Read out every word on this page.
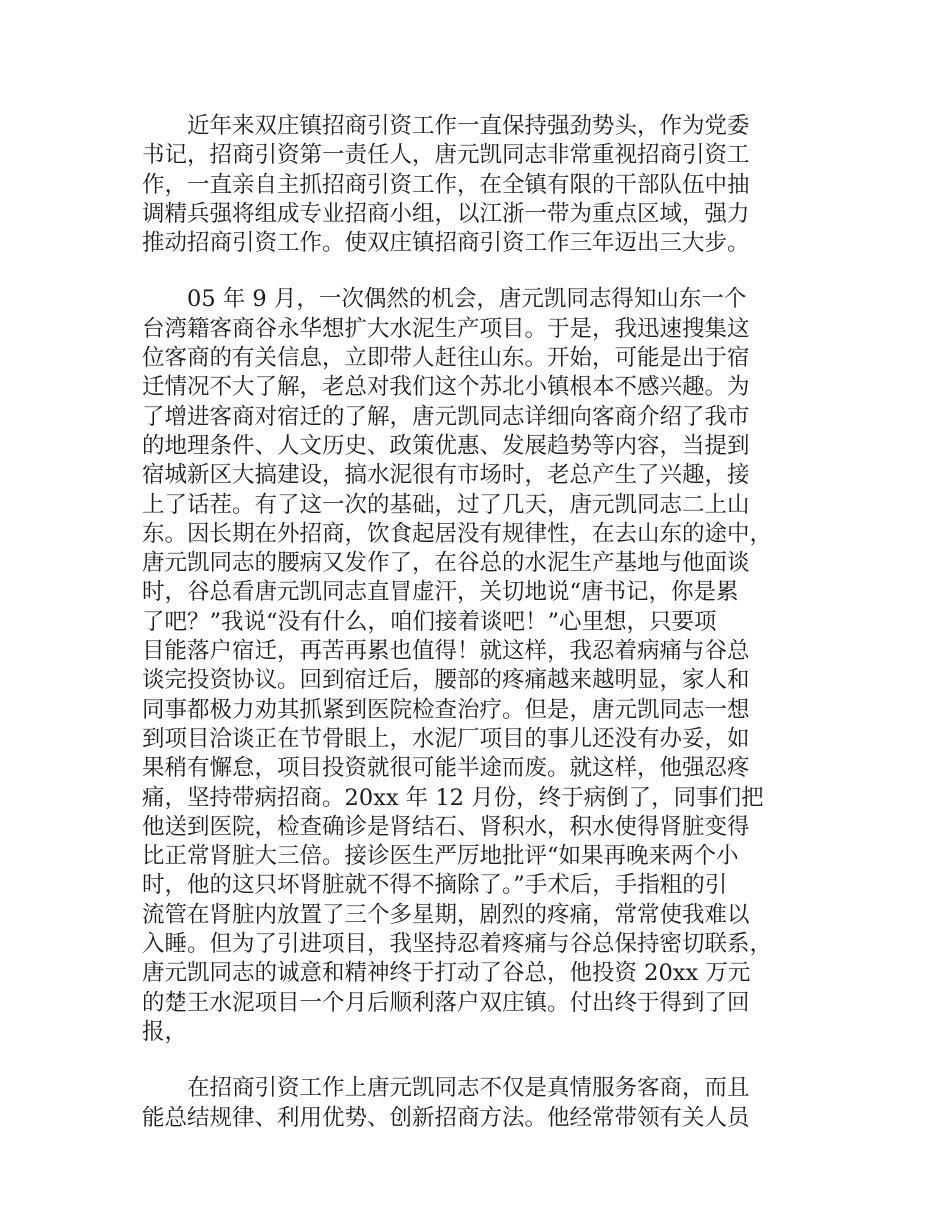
近年来双庄镇招商引资工作一直保持强劲势头，作为党委
书记，招商引资第一责任人，唐元凯同志非常重视招商引资工
作，一直亲自主抓招商引资工作，在全镇有限的干部队伍中抽
调精兵强将组成专业招商小组，以江浙一带为重点区域，强力
推动招商引资工作。使双庄镇招商引资工作三年迈出三大步。
05 年 9 月，一次偶然的机会，唐元凯同志得知山东一个
台湾籍客商谷永华想扩大水泥生产项目。于是，我迅速搜集这
位客商的有关信息，立即带人赶往山东。开始，可能是出于宿
迁情况不大了解，老总对我们这个苏北小镇根本不感兴趣。为
了增进客商对宿迁的了解，唐元凯同志详细向客商介绍了我市
的地理条件、人文历史、政策优惠、发展趋势等内容，当提到
宿城新区大搞建设，搞水泥很有市场时，老总产生了兴趣，接
上了话茬。有了这一次的基础，过了几天，唐元凯同志二上山
东。因长期在外招商，饮食起居没有规律性，在去山东的途中，
唐元凯同志的腰病又发作了，在谷总的水泥生产基地与他面谈
时，谷总看唐元凯同志直冒虚汗，关切地说“唐书记，你是累
了吧？”我说“没有什么，咱们接着谈吧！”心里想，只要项
目能落户宿迁，再苦再累也值得！就这样，我忍着病痛与谷总
谈完投资协议。回到宿迁后，腰部的疼痛越来越明显，家人和
同事都极力劝其抓紧到医院检查治疗。但是，唐元凯同志一想
到项目洽谈正在节骨眼上，水泥厂项目的事儿还没有办妥，如
果稍有懈怠，项目投资就很可能半途而废。就这样，他强忍疼
痛，坚持带病招商。20xx 年 12 月份，终于病倒了，同事们把
他送到医院，检查确诊是肾结石、肾积水，积水使得肾脏变得
比正常肾脏大三倍。接诊医生严厉地批评“如果再晚来两个小
时，他的这只坏肾脏就不得不摘除了。”手术后，手指粗的引
流管在肾脏内放置了三个多星期，剧烈的疼痛，常常使我难以
入睡。但为了引进项目，我坚持忍着疼痛与谷总保持密切联系，
唐元凯同志的诚意和精神终于打动了谷总，他投资 20xx 万元
的楚王水泥项目一个月后顺利落户双庄镇。付出终于得到了回
报，
在招商引资工作上唐元凯同志不仅是真情服务客商，而且
能总结规律、利用优势、创新招商方法。他经常带领有关人员
